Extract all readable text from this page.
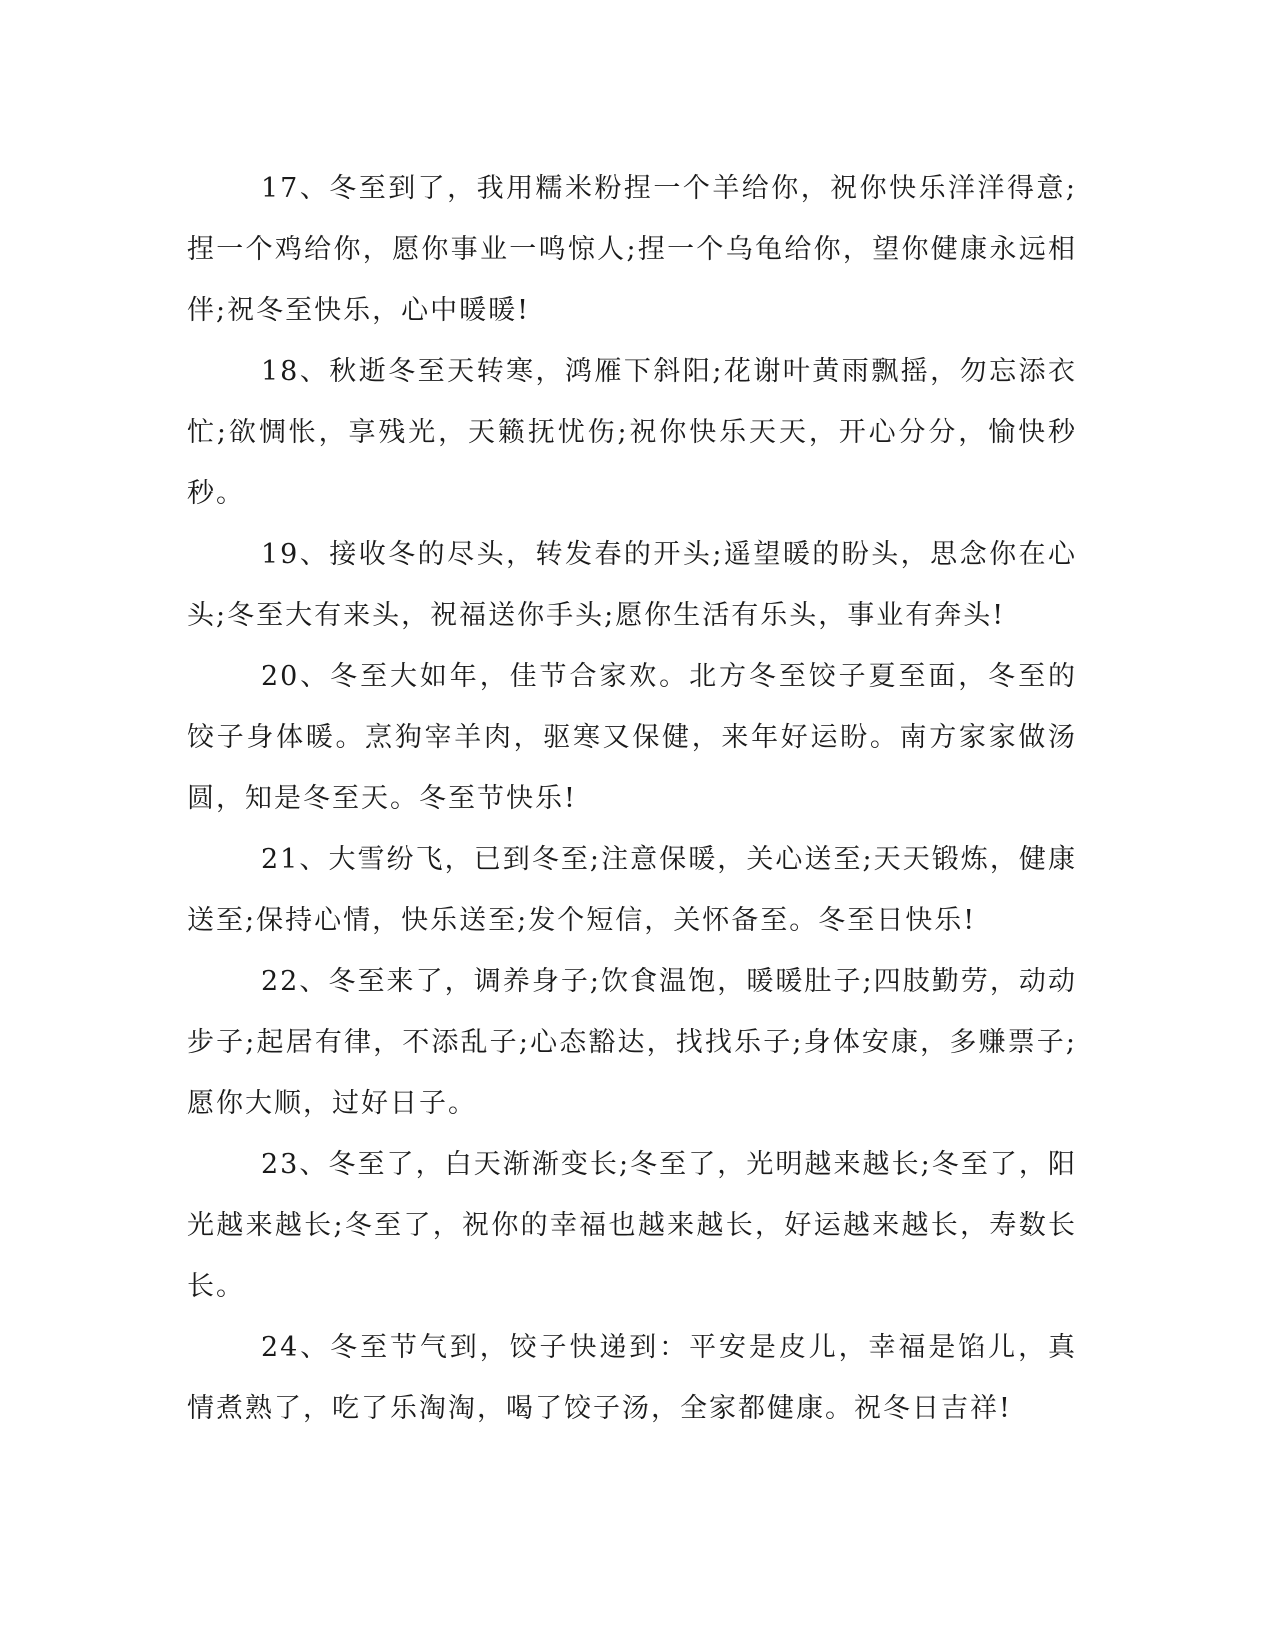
17、冬至到了，我用糯米粉捏一个羊给你，祝你快乐洋洋得意;捏一个鸡给你，愿你事业一鸣惊人;捏一个乌龟给你，望你健康永远相伴;祝冬至快乐，心中暖暖!

18、秋逝冬至天转寒，鸿雁下斜阳;花谢叶黄雨飘摇，勿忘添衣忙;欲惆怅，享残光，天籁抚忧伤;祝你快乐天天，开心分分，愉快秒秒。

19、接收冬的尽头，转发春的开头;遥望暖的盼头，思念你在心头;冬至大有来头，祝福送你手头;愿你生活有乐头，事业有奔头!

20、冬至大如年，佳节合家欢。北方冬至饺子夏至面，冬至的饺子身体暖。烹狗宰羊肉，驱寒又保健，来年好运盼。南方家家做汤圆，知是冬至天。冬至节快乐!

21、大雪纷飞，已到冬至;注意保暖，关心送至;天天锻炼，健康送至;保持心情，快乐送至;发个短信，关怀备至。冬至日快乐!

22、冬至来了，调养身子;饮食温饱，暖暖肚子;四肢勤劳，动动步子;起居有律，不添乱子;心态豁达，找找乐子;身体安康，多赚票子;愿你大顺，过好日子。

23、冬至了，白天渐渐变长;冬至了，光明越来越长;冬至了，阳光越来越长;冬至了，祝你的幸福也越来越长，好运越来越长，寿数长长。

24、冬至节气到，饺子快递到：平安是皮儿，幸福是馅儿，真情煮熟了，吃了乐淘淘，喝了饺子汤，全家都健康。祝冬日吉祥!
